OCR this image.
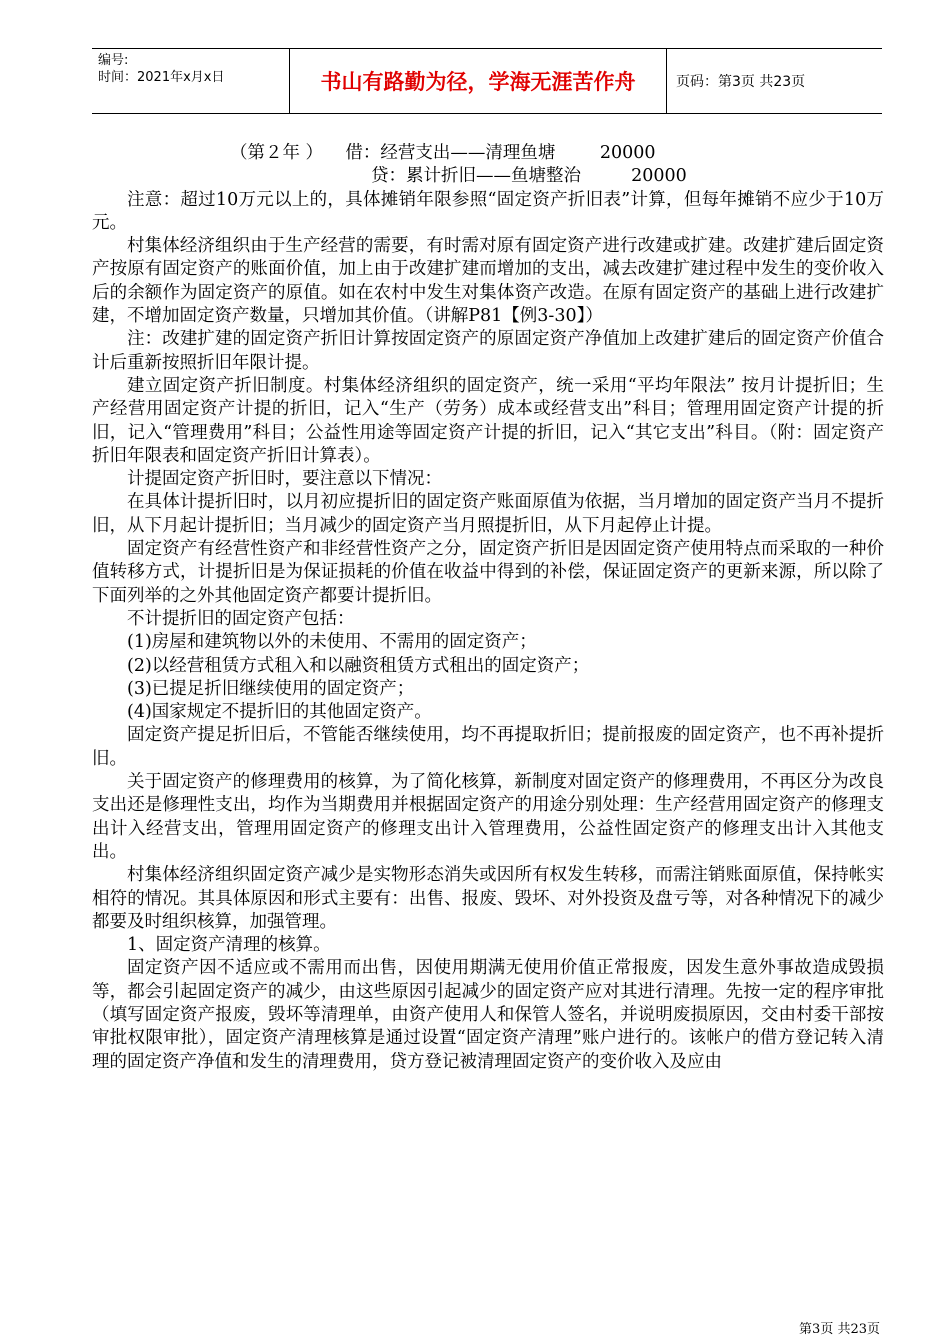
编号:
时间：2021年x月x日	书山有路勤为径，学海无涯苦作舟	页码：第3页 共23页

（第２年 ）    借：经营支出——清理鱼塘        20000

贷：累计折旧——鱼塘整治         20000

注意：超过10万元以上的，具体摊销年限参照“固定资产折旧表”计算，但每年摊销不应少于10万元。

村集体经济组织由于生产经营的需要，有时需对原有固定资产进行改建或扩建。改建扩建后固定资产按原有固定资产的账面价值，加上由于改建扩建而增加的支出，减去改建扩建过程中发生的变价收入后的余额作为固定资产的原值。如在农村中发生对集体资产改造。在原有固定资产的基础上进行改建扩建，不增加固定资产数量，只增加其价值。（讲解P81【例3-30】）

注：改建扩建的固定资产折旧计算按固定资产的原固定资产净值加上改建扩建后的固定资产价值合计后重新按照折旧年限计提。

建立固定资产折旧制度。村集体经济组织的固定资产，统一采用“平均年限法” 按月计提折旧；生产经营用固定资产计提的折旧，记入“生产（劳务）成本或经营支出”科目；管理用固定资产计提的折旧，记入“管理费用”科目；公益性用途等固定资产计提的折旧，记入“其它支出”科目。（附：固定资产折旧年限表和固定资产折旧计算表）。

计提固定资产折旧时，要注意以下情况：

在具体计提折旧时，以月初应提折旧的固定资产账面原值为依据，当月增加的固定资产当月不提折旧，从下月起计提折旧；当月减少的固定资产当月照提折旧，从下月起停止计提。

固定资产有经营性资产和非经营性资产之分，固定资产折旧是因固定资产使用特点而采取的一种价值转移方式，计提折旧是为保证损耗的价值在收益中得到的补偿，保证固定资产的更新来源，所以除了下面列举的之外其他固定资产都要计提折旧。

不计提折旧的固定资产包括：

(1)房屋和建筑物以外的未使用、不需用的固定资产；

(2)以经营租赁方式租入和以融资租赁方式租出的固定资产；

(3)已提足折旧继续使用的固定资产；

(4)国家规定不提折旧的其他固定资产。

固定资产提足折旧后，不管能否继续使用，均不再提取折旧；提前报废的固定资产，也不再补提折旧。

关于固定资产的修理费用的核算，为了简化核算，新制度对固定资产的修理费用，不再区分为改良支出还是修理性支出，均作为当期费用并根据固定资产的用途分别处理：生产经营用固定资产的修理支出计入经营支出，管理用固定资产的修理支出计入管理费用，公益性固定资产的修理支出计入其他支出。

村集体经济组织固定资产减少是实物形态消失或因所有权发生转移，而需注销账面原值，保持帐实相符的情况。其具体原因和形式主要有：出售、报废、毁坏、对外投资及盘亏等，对各种情况下的减少都要及时组织核算，加强管理。

1、固定资产清理的核算。

固定资产因不适应或不需用而出售，因使用期满无使用价值正常报废，因发生意外事故造成毁损等，都会引起固定资产的减少，由这些原因引起减少的固定资产应对其进行清理。先按一定的程序审批（填写固定资产报废，毁坏等清理单，由资产使用人和保管人签名，并说明废损原因，交由村委干部按审批权限审批），固定资产清理核算是通过设置“固定资产清理”账户进行的。该帐户的借方登记转入清理的固定资产净值和发生的清理费用，贷方登记被清理固定资产的变价收入及应由

第3页 共23页
